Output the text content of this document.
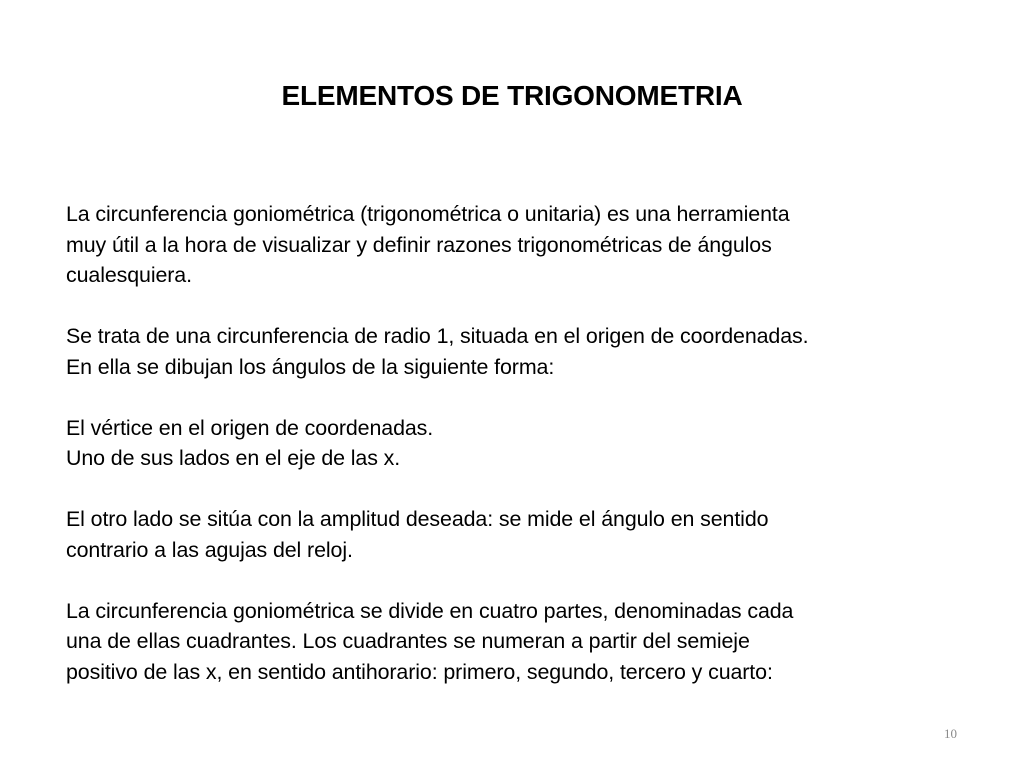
ELEMENTOS DE TRIGONOMETRIA

La circunferencia goniométrica (trigonométrica o unitaria) es una herramienta
muy útil a la hora de visualizar y definir razones trigonométricas de ángulos
cualesquiera.

Se trata de una circunferencia de radio 1, situada en el origen de coordenadas.
En ella se dibujan los ángulos de la siguiente forma:

El vértice en el origen de coordenadas.
Uno de sus lados en el eje de las x.

El otro lado se sitúa con la amplitud deseada: se mide el ángulo en sentido
contrario a las agujas del reloj.

La circunferencia goniométrica se divide en cuatro partes, denominadas cada
una de ellas cuadrantes. Los cuadrantes se numeran a partir del semieje
positivo de las x, en sentido antihorario: primero, segundo, tercero y cuarto:

10
